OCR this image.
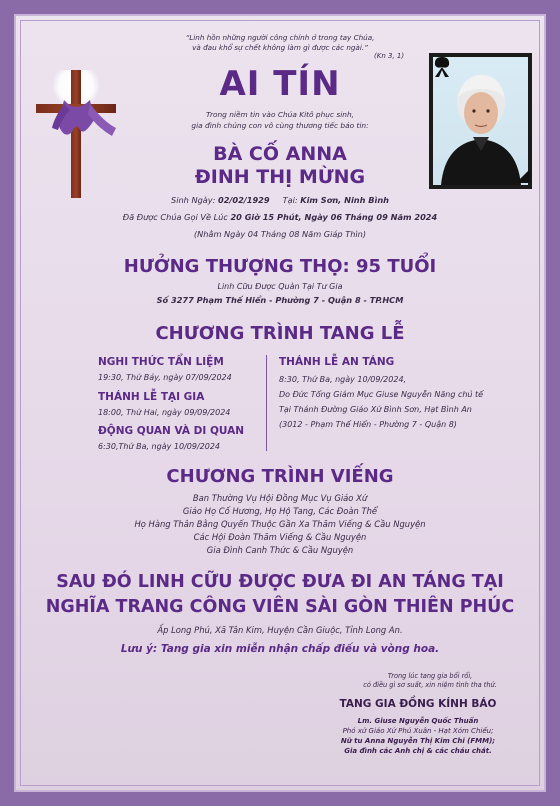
“Linh hồn những người công chính ở trong tay Chúa,
và đau khổ sự chết không làm gì được các ngài.”
(Kn 3, 1)
AI TÍN
Trong niềm tin vào Chúa Kitô phục sinh,
gia đình chúng con vô cùng thương tiếc báo tin:
BÀ CỐ ANNA
ĐINH THỊ MỪNG
Sinh Ngày: 02/02/1929 Tại: Kim Sơn, Ninh Bình
Đã Được Chúa Gọi Về Lúc 20 Giờ 15 Phút, Ngày 06 Tháng 09 Năm 2024
(Nhằm Ngày 04 Tháng 08 Năm Giáp Thìn)
HƯỞNG THƯỢNG THỌ: 95 TUỔI
Linh Cữu Được Quàn Tại Tư Gia
Số 3277 Phạm Thế Hiển - Phường 7 - Quận 8 - TP.HCM
CHƯƠNG TRÌNH TANG LỄ
NGHI THỨC TẨN LIỆM
19:30, Thứ Bảy, ngày 07/09/2024
THÁNH LỄ TẠI GIA
18:00, Thứ Hai, ngày 09/09/2024
ĐỘNG QUAN VÀ DI QUAN
6:30,Thứ Ba, ngày 10/09/2024
THÁNH LỄ AN TÁNG
8:30, Thứ Ba, ngày 10/09/2024,
Do Đức Tổng Giám Mục Giuse Nguyễn Năng chủ tế
Tại Thánh Đường Giáo Xứ Bình Sơn, Hạt Bình An
(3012 - Phạm Thế Hiển - Phường 7 - Quận 8)
CHƯƠNG TRÌNH VIẾNG
Ban Thường Vụ Hội Đồng Mục Vụ Giáo Xứ
Giáo Họ Cố Hương, Họ Hộ Tang, Các Đoàn Thể
Họ Hàng Thân Bằng Quyến Thuộc Gần Xa Thăm Viếng & Cầu Nguyện
Các Hội Đoàn Thăm Viếng & Cầu Nguyện
Gia Đình Canh Thức & Cầu Nguyện
SAU ĐÓ LINH CỮU ĐƯỢC ĐƯA ĐI AN TÁNG TẠI
NGHĨA TRANG CÔNG VIÊN SÀI GÒN THIÊN PHÚC
Ấp Long Phú, Xã Tân Kim, Huyện Cần Giuộc, Tỉnh Long An.
Lưu ý: Tang gia xin miễn nhận chấp điếu và vòng hoa.
Trong lúc tang gia bối rối,
có điều gì sơ suất, xin niệm tình tha thứ.
TANG GIA ĐỒNG KÍNH BÁO
Lm. Giuse Nguyễn Quốc Thuấn
Phó xứ Giáo Xứ Phú Xuân - Hạt Xóm Chiếu;
Nữ tu Anna Nguyễn Thị Kim Chi (FMM);
Gia đình các Anh chị & các cháu chắt.
